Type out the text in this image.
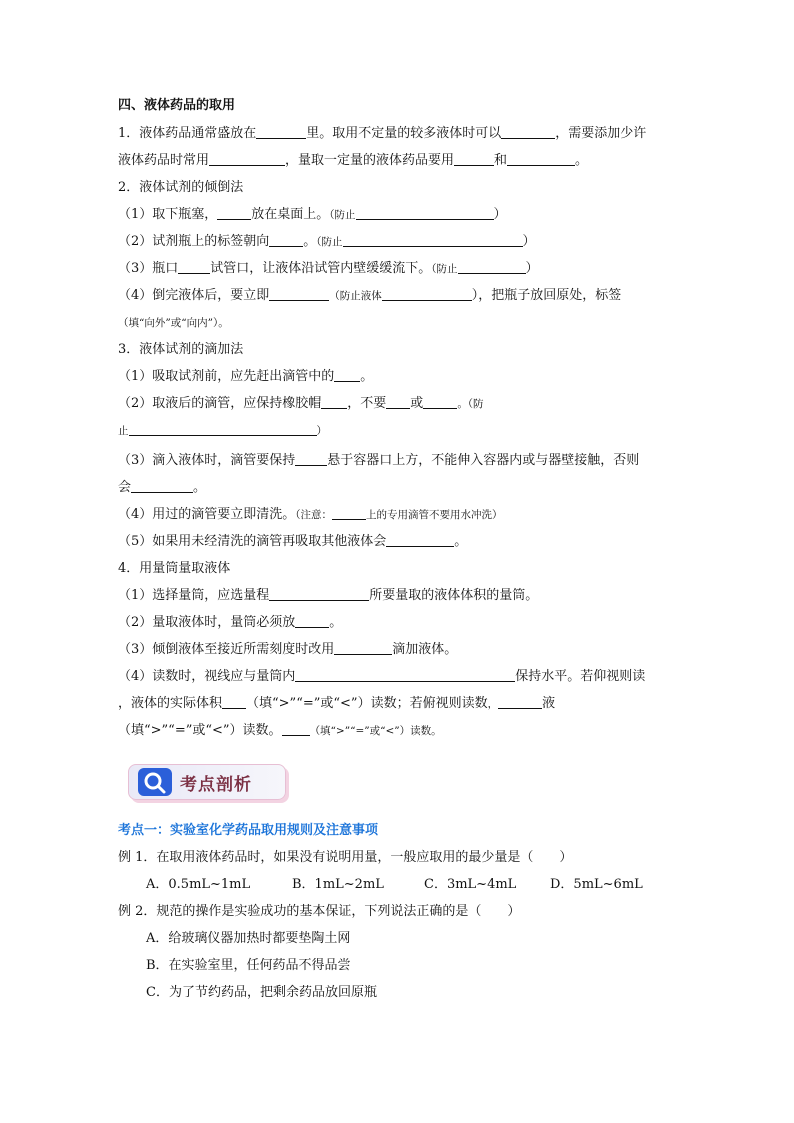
四、液体药品的取用
1．液体药品通常盛放在	里。取用不定量的较多液体时可以	，需要添加少许
液体药品时常用	，量取一定量的液体药品要用	和	。
2．液体试剂的倾倒法
（1）取下瓶塞，	放在桌面上。（防止	）
（2）试剂瓶上的标签朝向	。（防止	）
（3）瓶口 试管口，让液体沿试管内壁缓缓流下。（防止	）
（4）倒完液体后，要立即	（防止液体	），把瓶子放回原处，标签
（填“向外”或“向内”）。
3．液体试剂的滴加法
（1）吸取试剂前，应先赶出滴管中的 。
（2）取液后的滴管，应保持橡胶帽 ，不要 或	。（防
止	）
（3）滴入液体时，滴管要保持 悬于容器口上方，不能伸入容器内或与器壁接触，否则
会	。
（4）用过的滴管要立即清洗。（注意：	上的专用滴管不要用水冲洗）
（5）如果用未经清洗的滴管再吸取其他液体会	。
4．用量筒量取液体
（1）选择量筒，应选量程	所要量取的液体体积的量筒。
（2）量取液体时，量筒必须放	。
（3）倾倒液体至接近所需刻度时改用	滴加液体。
（4）读数时，视线应与量筒内	保持水平。若仰视则读
，液体的实际体积 （填“>”“=”或“<”）读数；若俯视则读数，	液
（填“>”“=”或“<”）读数。	（填“>”“=”或“<”）读数。
考点剖析
考点一：实验室化学药品取用规则及注意事项
例 1．在取用液体药品时，如果没有说明用量，一般应取用的最少量是（　　）
A．0.5mL~1mL	B．1mL~2mL	C．3mL~4mL	D．5mL~6mL
例 2．规范的操作是实验成功的基本保证，下列说法正确的是（　　）
A．给玻璃仪器加热时都要垫陶土网
B．在实验室里，任何药品不得品尝
C．为了节约药品，把剩余药品放回原瓶
